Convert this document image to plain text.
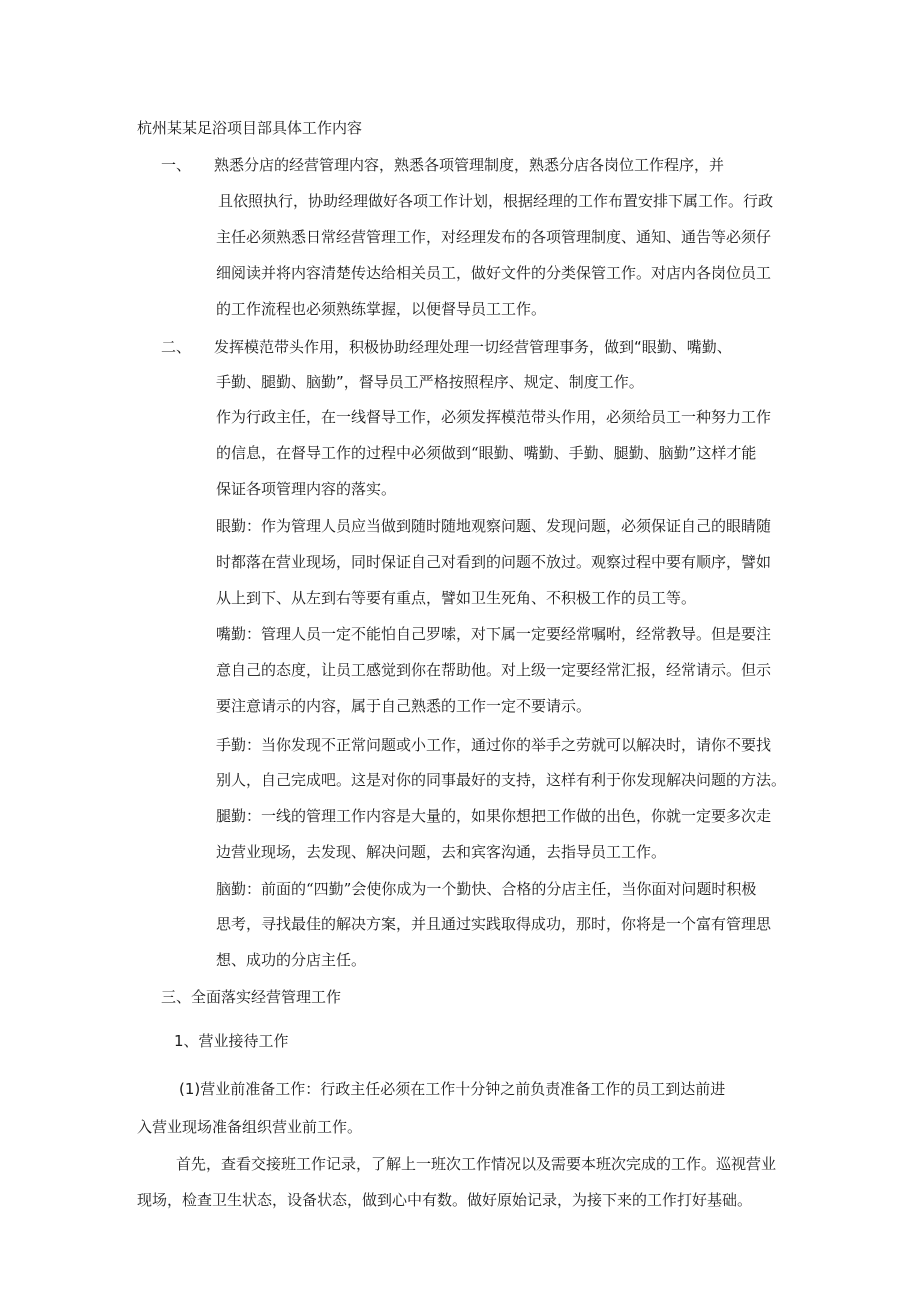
杭州某某足浴项目部具体工作内容
一、 熟悉分店的经营管理内容，熟悉各项管理制度，熟悉分店各岗位工作程序，并
且依照执行，协助经理做好各项工作计划，根据经理的工作布置安排下属工作。行政
主任必须熟悉日常经营管理工作，对经理发布的各项管理制度、通知、通告等必须仔
细阅读并将内容清楚传达给相关员工，做好文件的分类保管工作。对店内各岗位员工
的工作流程也必须熟练掌握，以便督导员工工作。
二、 发挥模范带头作用，积极协助经理处理一切经营管理事务，做到“眼勤、嘴勤、
手勤、腿勤、脑勤”，督导员工严格按照程序、规定、制度工作。
作为行政主任，在一线督导工作，必须发挥模范带头作用，必须给员工一种努力工作
的信息，在督导工作的过程中必须做到“眼勤、嘴勤、手勤、腿勤、脑勤”这样才能
保证各项管理内容的落实。
眼勤：作为管理人员应当做到随时随地观察问题、发现问题，必须保证自己的眼睛随
时都落在营业现场，同时保证自己对看到的问题不放过。观察过程中要有顺序，譬如
从上到下、从左到右等要有重点，譬如卫生死角、不积极工作的员工等。
嘴勤：管理人员一定不能怕自己罗嗦，对下属一定要经常嘱咐，经常教导。但是要注
意自己的态度，让员工感觉到你在帮助他。对上级一定要经常汇报，经常请示。但示
要注意请示的内容，属于自己熟悉的工作一定不要请示。
手勤：当你发现不正常问题或小工作，通过你的举手之劳就可以解决时，请你不要找
别人，自己完成吧。这是对你的同事最好的支持，这样有利于你发现解决问题的方法。
腿勤：一线的管理工作内容是大量的，如果你想把工作做的出色，你就一定要多次走
边营业现场，去发现、解决问题，去和宾客沟通，去指导员工工作。
脑勤：前面的“四勤”会使你成为一个勤快、合格的分店主任，当你面对问题时积极
思考，寻找最佳的解决方案，并且通过实践取得成功，那时，你将是一个富有管理思
想、成功的分店主任。
三、全面落实经营管理工作
1、营业接待工作
(1)营业前准备工作：行政主任必须在工作十分钟之前负责准备工作的员工到达前进
入营业现场准备组织营业前工作。
首先，查看交接班工作记录，了解上一班次工作情况以及需要本班次完成的工作。巡视营业
现场，检查卫生状态，设备状态，做到心中有数。做好原始记录，为接下来的工作打好基础。
